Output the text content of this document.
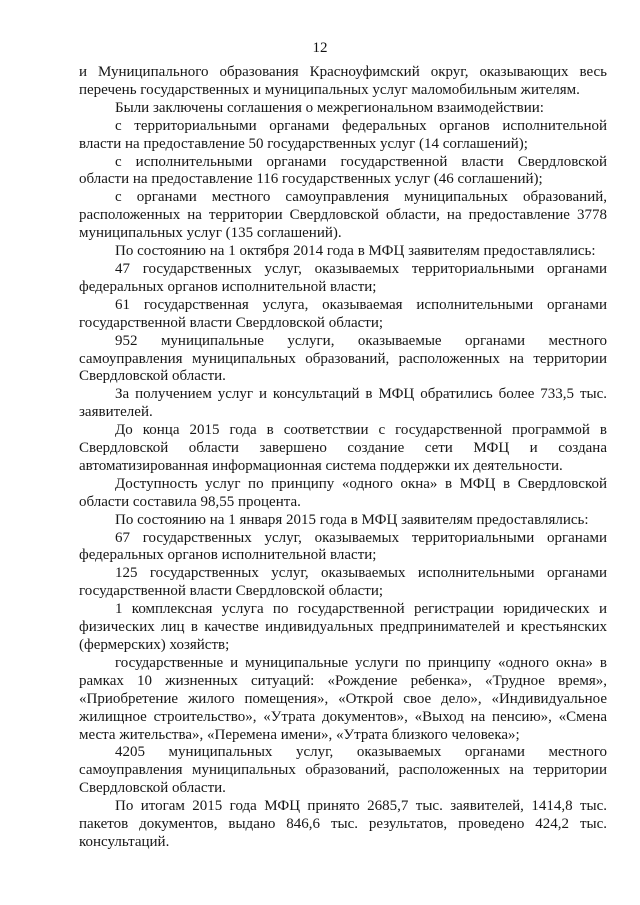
12

и Муниципального образования Красноуфимский округ, оказывающих весь перечень государственных и муниципальных услуг маломобильным жителям.

Были заключены соглашения о межрегиональном взаимодействии:

с территориальными органами федеральных органов исполнительной власти на предоставление 50 государственных услуг (14 соглашений);

с исполнительными органами государственной власти Свердловской области на предоставление 116 государственных услуг (46 соглашений);

с органами местного самоуправления муниципальных образований, расположенных на территории Свердловской области, на предоставление 3778 муниципальных услуг (135 соглашений).

По состоянию на 1 октября 2014 года в МФЦ заявителям предоставлялись:

47 государственных услуг, оказываемых территориальными органами федеральных органов исполнительной власти;

61 государственная услуга, оказываемая исполнительными органами государственной власти Свердловской области;

952 муниципальные услуги, оказываемые органами местного самоуправления муниципальных образований, расположенных на территории Свердловской области.

За получением услуг и консультаций в МФЦ обратились более 733,5 тыс. заявителей.

До конца 2015 года в соответствии с государственной программой в Свердловской области завершено создание сети МФЦ и создана автоматизированная информационная система поддержки их деятельности.

Доступность услуг по принципу «одного окна» в МФЦ в Свердловской области составила 98,55 процента.

По состоянию на 1 января 2015 года в МФЦ заявителям предоставлялись:

67 государственных услуг, оказываемых территориальными органами федеральных органов исполнительной власти;

125 государственных услуг, оказываемых исполнительными органами государственной власти Свердловской области;

1 комплексная услуга по государственной регистрации юридических и физических лиц в качестве индивидуальных предпринимателей и крестьянских (фермерских) хозяйств;

государственные и муниципальные услуги по принципу «одного окна» в рамках 10 жизненных ситуаций: «Рождение ребенка», «Трудное время», «Приобретение жилого помещения», «Открой свое дело», «Индивидуальное жилищное строительство», «Утрата документов», «Выход на пенсию», «Смена места жительства», «Перемена имени», «Утрата близкого человека»;

4205 муниципальных услуг, оказываемых органами местного самоуправления муниципальных образований, расположенных на территории Свердловской области.

По итогам 2015 года МФЦ принято 2685,7 тыс. заявителей, 1414,8 тыс. пакетов документов, выдано 846,6 тыс. результатов, проведено 424,2 тыс. консультаций.
